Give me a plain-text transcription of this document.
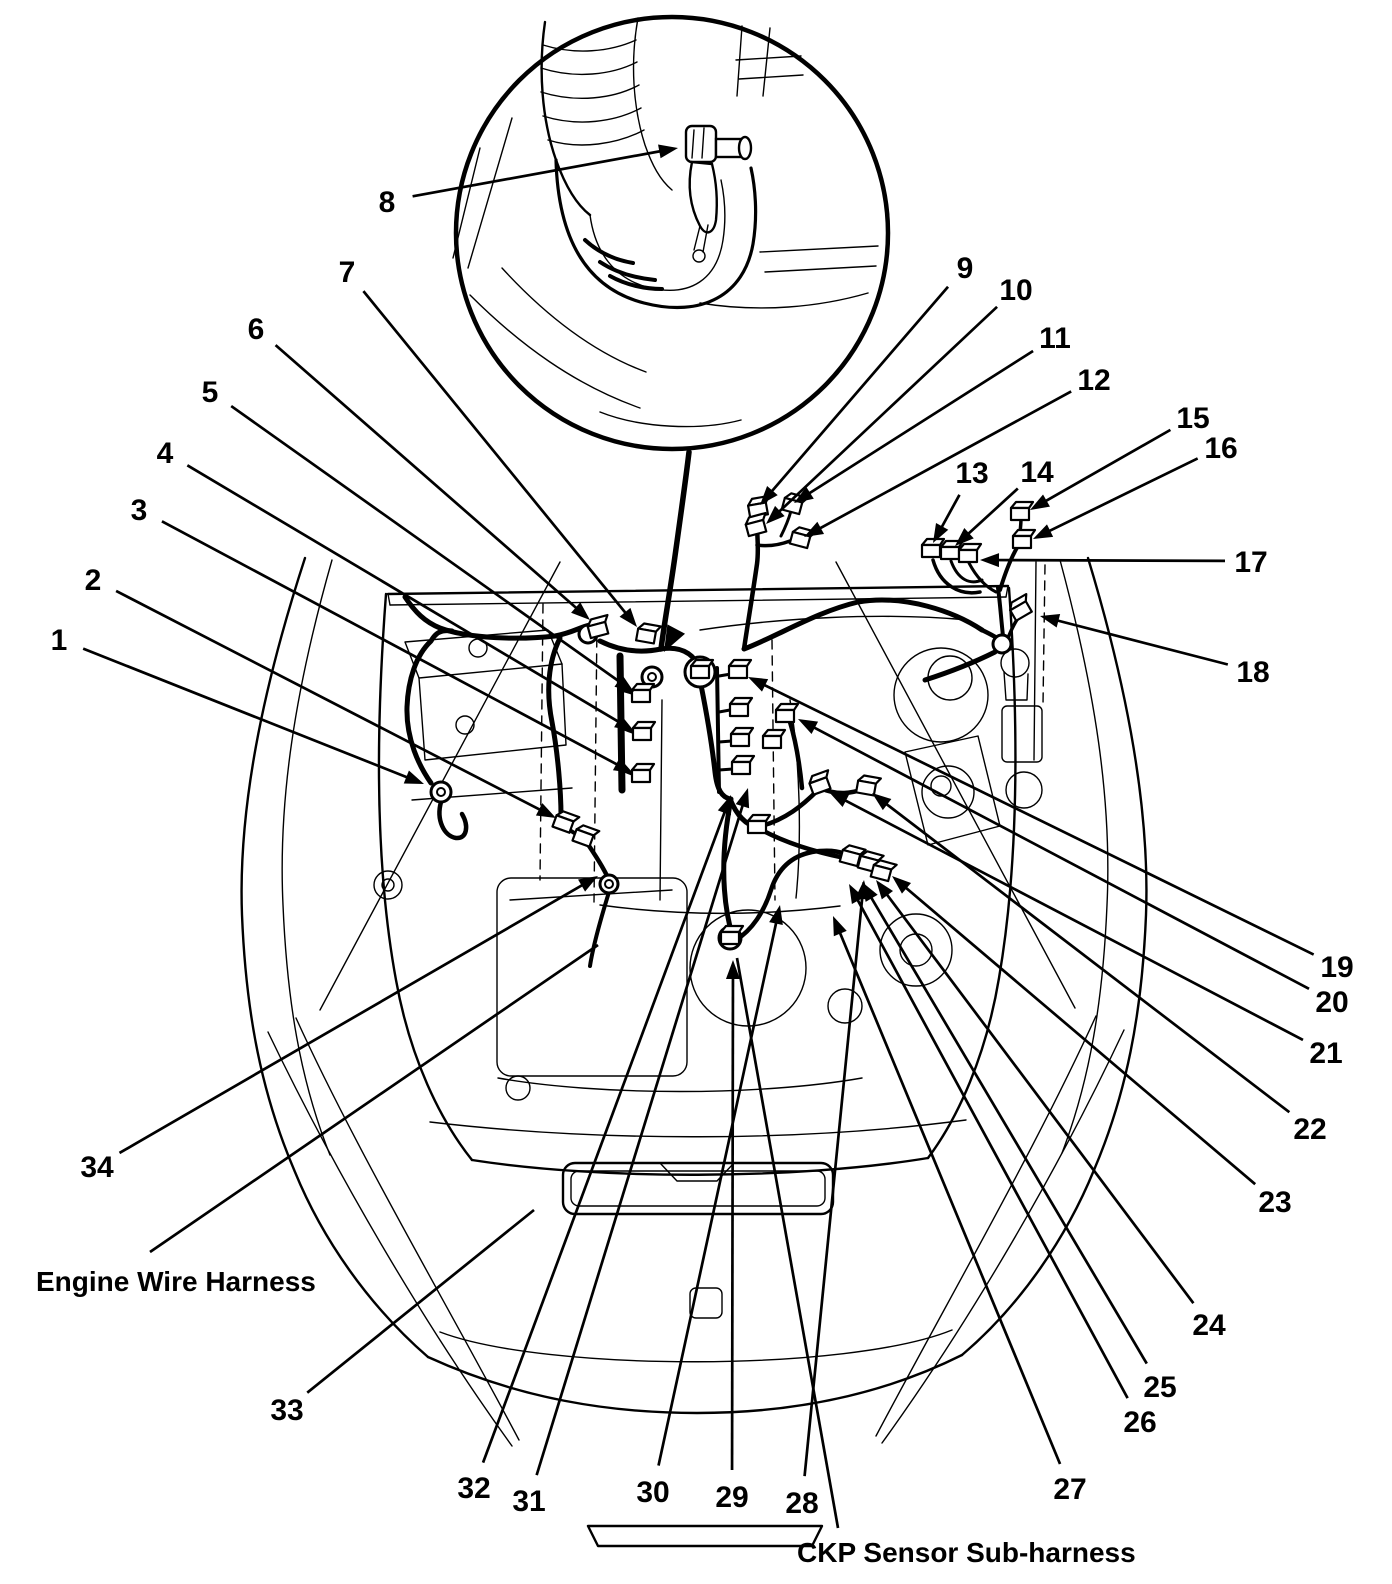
1
2
3
4
5
6
7
8
9
10
11
12
13 14
15
16
17
18
19
20
21
22
23
24
25
26
27
28
29
30
31
32
33
34
Engine Wire Harness
CKP Sensor Sub-harness
